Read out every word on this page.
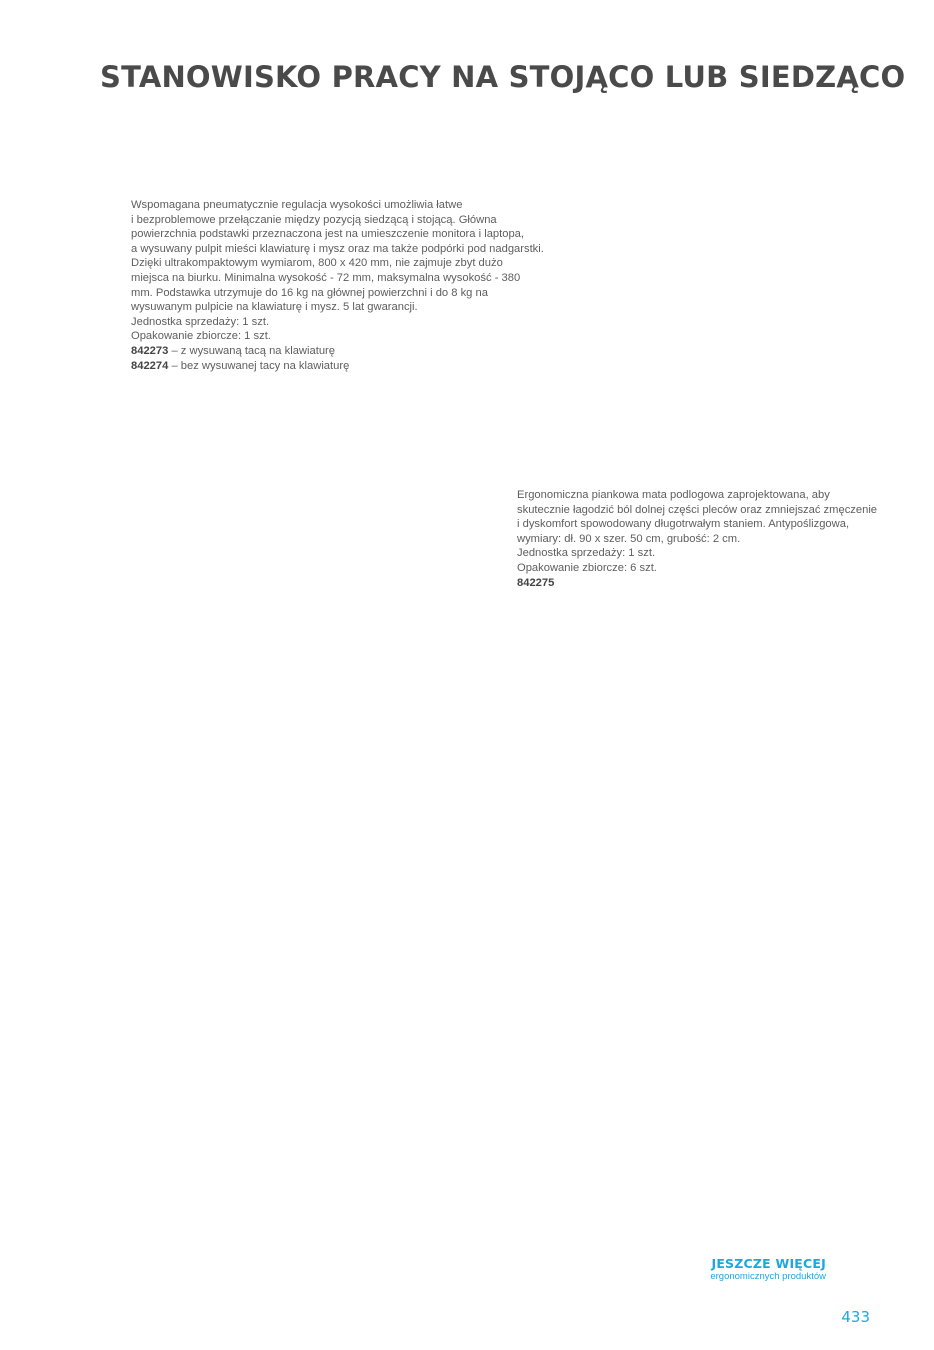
STANOWISKO PRACY NA STOJĄCO LUB SIEDZĄCO
Wspomagana pneumatycznie regulacja wysokości umożliwia łatwe
i bezproblemowe przełączanie między pozycją siedzącą i stojącą. Główna
powierzchnia podstawki przeznaczona jest na umieszczenie monitora i laptopa,
a wysuwany pulpit mieści klawiaturę i mysz oraz ma także podpórki pod nadgarstki.
Dzięki ultrakompaktowym wymiarom, 800 x 420 mm, nie zajmuje zbyt dużo
miejsca na biurku. Minimalna wysokość - 72 mm, maksymalna wysokość - 380
mm. Podstawka utrzymuje do 16 kg na głównej powierzchni i do 8 kg na
wysuwanym pulpicie na klawiaturę i mysz. 5 lat gwarancji.
Jednostka sprzedaży: 1 szt.
Opakowanie zbiorcze: 1 szt.
842273 – z wysuwaną tacą na klawiaturę
842274 – bez wysuwanej tacy na klawiaturę
Ergonomiczna piankowa mata podlogowa zaprojektowana, aby
skutecznie łagodzić ból dolnej części pleców oraz zmniejszać zmęczenie
i dyskomfort spowodowany długotrwałym staniem. Antypoślizgowa,
wymiary: dł. 90 x szer. 50 cm, grubość: 2 cm.
Jednostka sprzedaży: 1 szt.
Opakowanie zbiorcze: 6 szt.
842275
JESZCZE WIĘCEJ
ergonomicznych produktów
433
